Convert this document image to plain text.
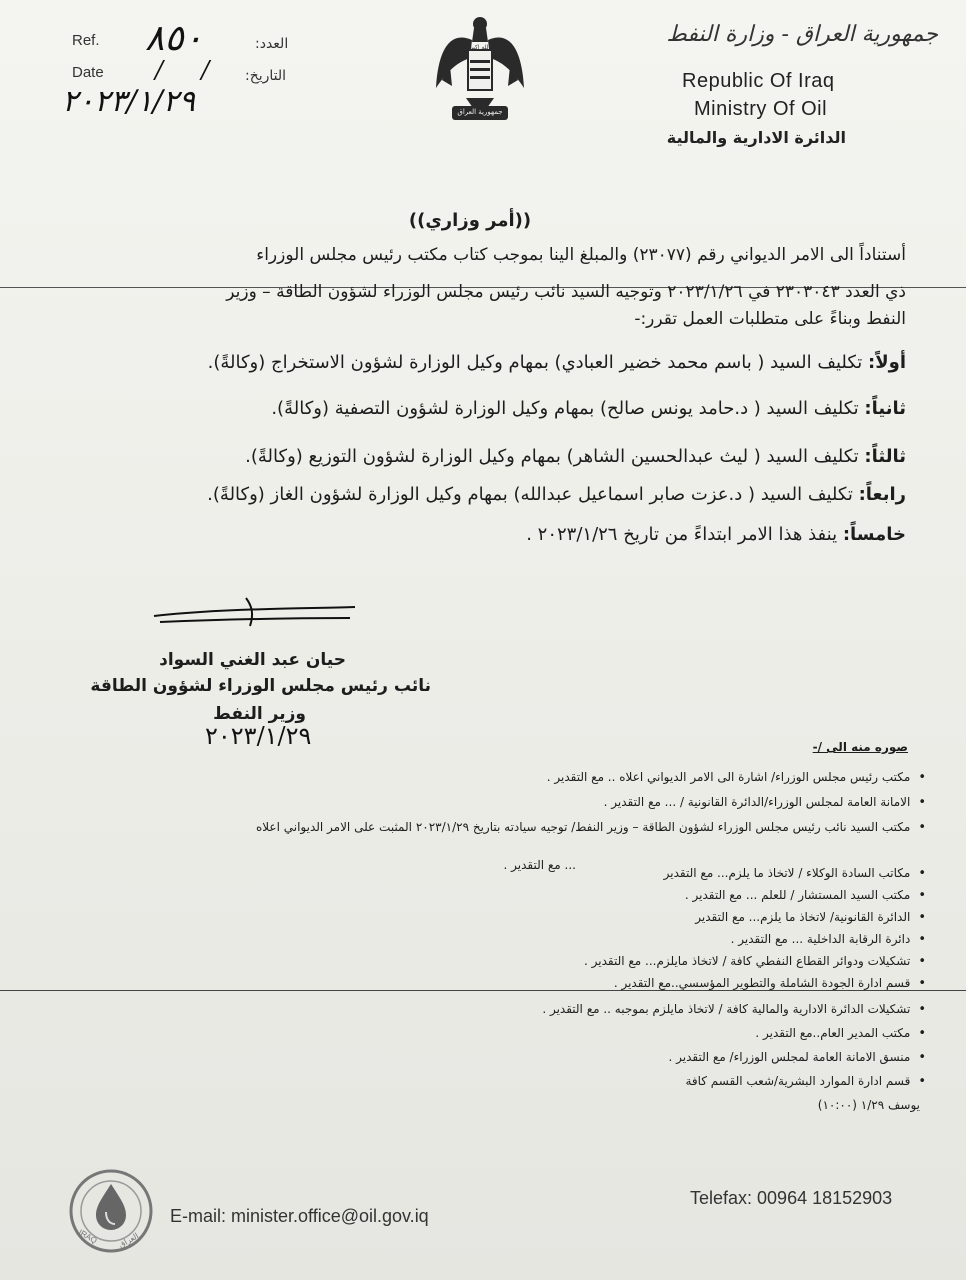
Ref.	:العدد
٨٥٠
Date /     /	:التاريخ
٢٠٢٣/١/٢٩
الله اكبر
جمهورية العراق
جمهورية العراق - وزارة النفط
Republic Of Iraq
Ministry Of Oil
الدائرة الادارية والمالية
((أمر وزاري))
أستناداً الى الامر الديواني رقم (٢٣٠٧٧) والمبلغ الينا بموجب كتاب مكتب رئيس مجلس الوزراء
ذي العدد ٢٣٠٣٠٤٣ في ٢٠٢٣/١/٢٦ وتوجيه السيد نائب رئيس مجلس الوزراء لشؤون الطاقة – وزير
النفط وبناءً على متطلبات العمل تقرر:-
أولاً: تكليف السيد ( باسم محمد خضير العبادي) بمهام وكيل الوزارة لشؤون الاستخراج (وكالةً).
ثانياً: تكليف السيد ( د.حامد يونس صالح) بمهام وكيل الوزارة لشؤون التصفية (وكالةً).
ثالثاً: تكليف السيد ( ليث عبدالحسين الشاهر) بمهام وكيل الوزارة لشؤون التوزيع (وكالةً).
رابعاً: تكليف السيد ( د.عزت صابر اسماعيل عبدالله) بمهام وكيل الوزارة لشؤون الغاز (وكالةً).
خامساً: ينفذ هذا الامر ابتداءً من تاريخ ٢٠٢٣/١/٢٦ .
حيان عبد الغني السواد
نائب رئيس مجلس الوزراء لشؤون الطاقة
وزير النفط
٢٠٢٣/١/٢٩	صوره منه الى /-
• مكتب رئيس مجلس الوزراء/ اشارة الى الامر الديواني اعلاه .. مع التقدير .
• الامانة العامة لمجلس الوزراء/الدائرة القانونية / ... مع التقدير .
• مكتب السيد نائب رئيس مجلس الوزراء لشؤون الطاقة – وزير النفط/ توجيه سيادته بتاريخ ٢٠٢٣/١/٢٩ المثبت على الامر الديواني اعلاه
... مع التقدير .
• مكاتب السادة الوكلاء / لاتخاذ ما يلزم... مع التقدير
• مكتب السيد المستشار / للعلم ... مع التقدير .
• الدائرة القانونية/ لاتخاذ ما يلزم... مع التقدير
• دائرة الرقابة الداخلية ... مع التقدير .
• تشكيلات ودوائر القطاع النفطي كافة / لاتخاذ مايلزم... مع التقدير .
• قسم ادارة الجودة الشاملة والتطوير المؤسسي..مع التقدير .
• تشكيلات الدائرة الادارية والمالية كافة / لاتخاذ مايلزم بموجبه .. مع التقدير .
• مكتب المدير العام..مع التقدير .
• منسق الامانة العامة لمجلس الوزراء/ مع التقدير .
• قسم ادارة الموارد البشرية/شعب القسم كافة
يوسف ١/٢٩ (١٠:٠٠)
IRAQ العراق
E-mail: minister.office@oil.gov.iq
Telefax: 00964 18152903
